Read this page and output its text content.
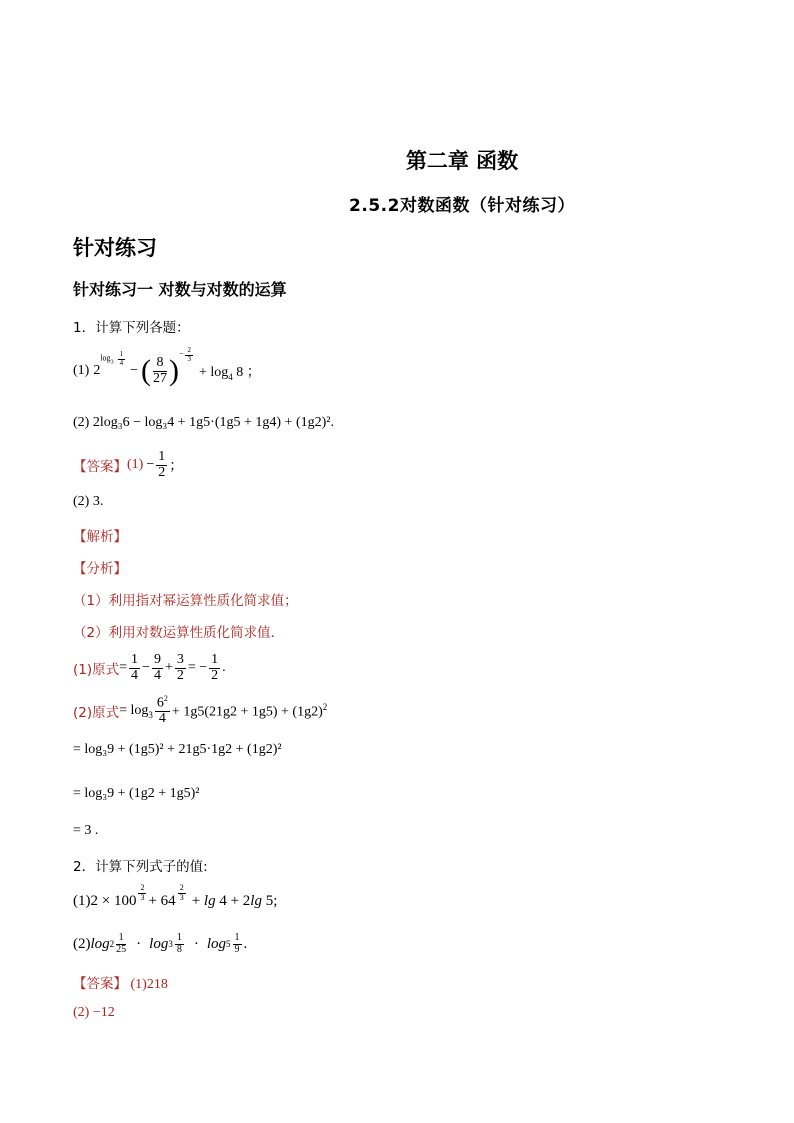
第二章 函数
2.5.2对数函数（针对练习）
针对练习
针对练习一 对数与对数的运算
1．计算下列各题：
(1) 2
$\log_3 \frac{1}{4}$
− ( $\frac{8}{27}$ ) − $\frac{2}{3}$
+ $\log_4 8$ ；
(2) 2log₃6 − log₃4 + 1g5·(1g5 + 1g4) + (1g2)².
【答案】 $(1) - \frac{1}{2}$ ；
(2) 3.
【解析】
【分析】
（1）利用指对幂运算性质化简求值；
（2）利用对数运算性质化简求值．
(1)原式 = $\frac{1}{4} - \frac{9}{4} + \frac{3}{2}$ = − $\frac{1}{2}$ .
(2)原式 = $\log_3 \frac{6^2}{4} + 1g5(21g2 + 1g5) + (1g2)^2$
= log₃9 + (1g5)² + 21g5·1g2 + (1g2)²
= log₃9 + (1g2 + 1g5)²
= 3 .
2．计算下列式子的值:
(1) $2 \times 100 \frac{2}{3} + 64 \frac{2}{3} + \lg 4 + 2\lg$ 5;
(2) $\log 2 \frac{1}{25} \cdot \log 3 \frac{1}{8} \cdot \log 5 \frac{1}{9}$ .
【答案】 (1)218
(2) −12
